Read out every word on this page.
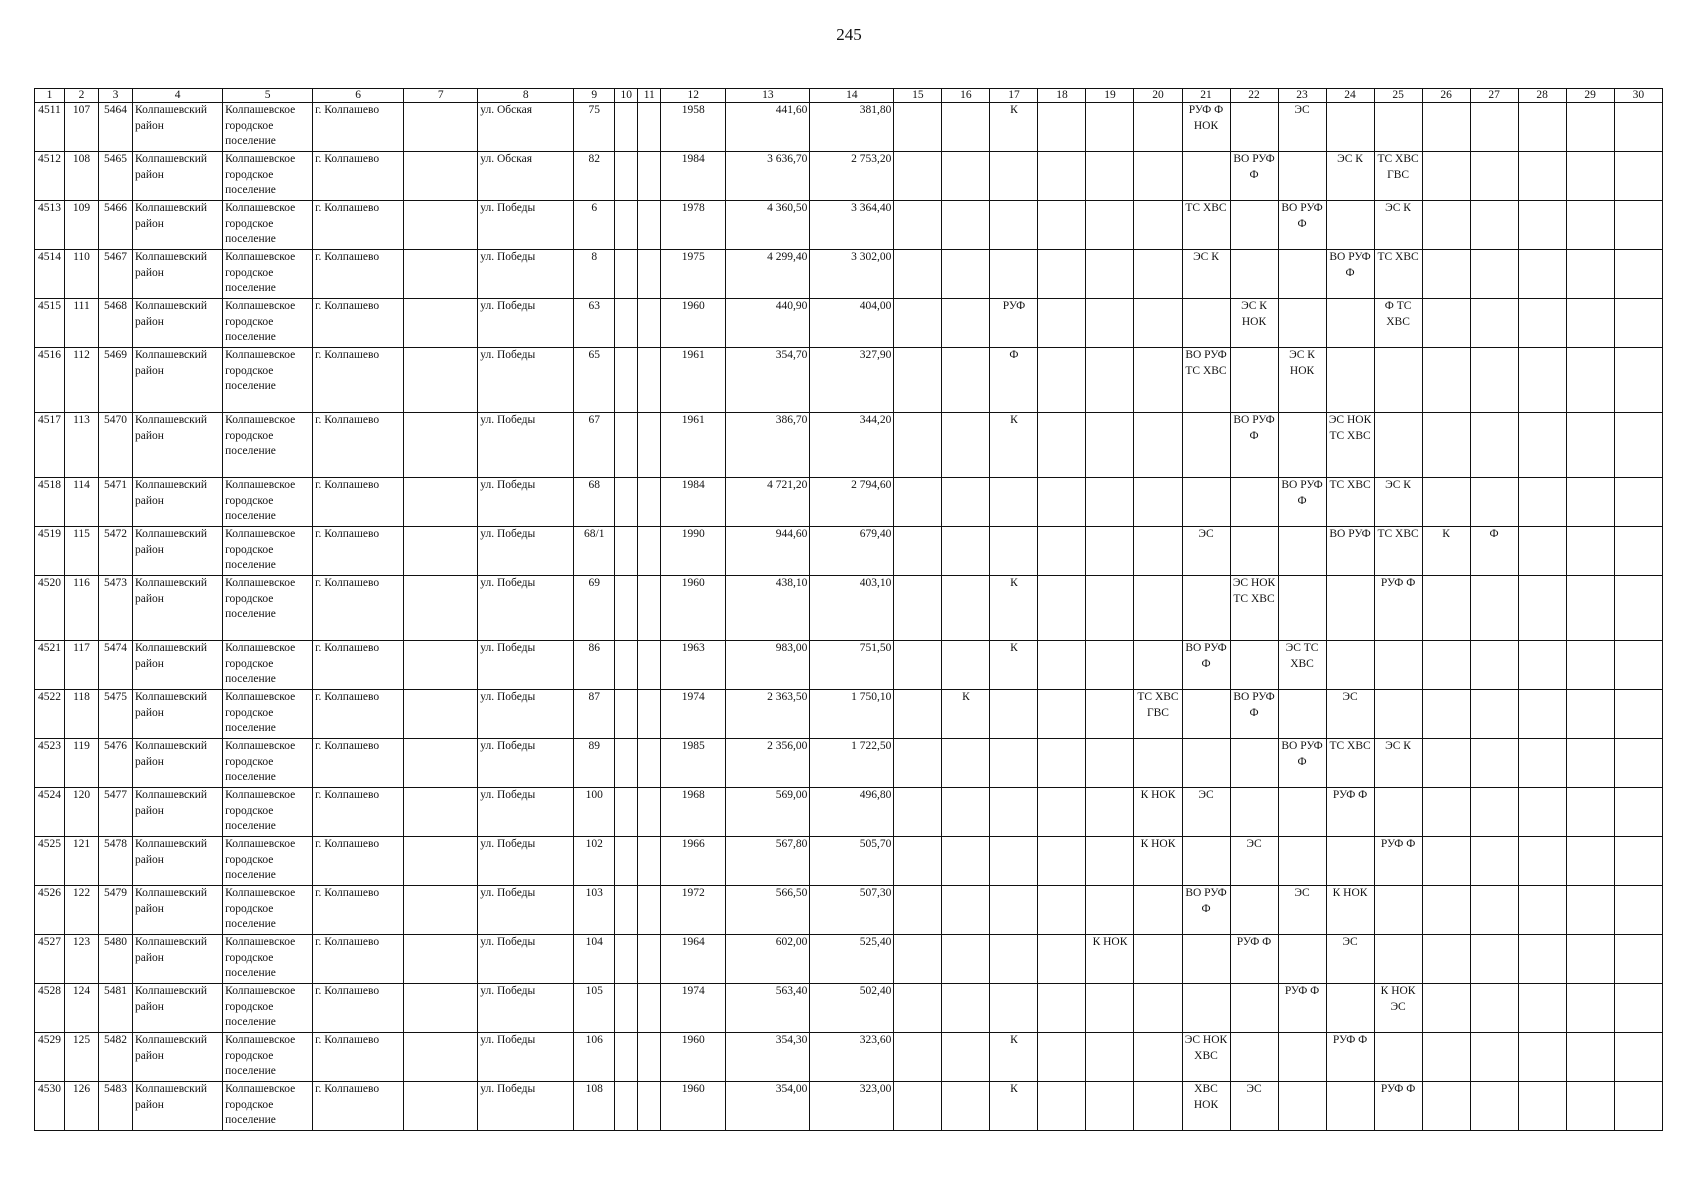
245
1	2	3	4	5	6	7	8	9	10	11	12	13	14	15	16	17	18	19	20	21	22	23	24	25	26	27	28	29	30
4511	107	5464	Колпашевский район	Колпашевское городское поселение	г. Колпашево		ул. Обская	75			1958	441,60	381,80			К				РУФ Ф НОК		ЭС							
4512	108	5465	Колпашевский район	Колпашевское городское поселение	г. Колпашево		ул. Обская	82			1984	3 636,70	2 753,20								ВО РУФ Ф		ЭС К	ТС ХВС ГВС					
4513	109	5466	Колпашевский район	Колпашевское городское поселение	г. Колпашево		ул. Победы	6			1978	4 360,50	3 364,40							ТС ХВС		ВО РУФ Ф		ЭС К					
4514	110	5467	Колпашевский район	Колпашевское городское поселение	г. Колпашево		ул. Победы	8			1975	4 299,40	3 302,00							ЭС К			ВО РУФ Ф	ТС ХВС					
4515	111	5468	Колпашевский район	Колпашевское городское поселение	г. Колпашево		ул. Победы	63			1960	440,90	404,00			РУФ					ЭС К НОК			Ф ТС ХВС					
4516	112	5469	Колпашевский район	Колпашевское городское поселение	г. Колпашево		ул. Победы	65			1961	354,70	327,90			Ф				ВО РУФ ТС ХВС		ЭС К НОК							
4517	113	5470	Колпашевский район	Колпашевское городское поселение	г. Колпашево		ул. Победы	67			1961	386,70	344,20			К					ВО РУФ Ф		ЭС НОК ТС ХВС						
4518	114	5471	Колпашевский район	Колпашевское городское поселение	г. Колпашево		ул. Победы	68			1984	4 721,20	2 794,60									ВО РУФ Ф	ТС ХВС	ЭС К					
4519	115	5472	Колпашевский район	Колпашевское городское поселение	г. Колпашево		ул. Победы	68/1			1990	944,60	679,40							ЭС			ВО РУФ	ТС ХВС	К	Ф			
4520	116	5473	Колпашевский район	Колпашевское городское поселение	г. Колпашево		ул. Победы	69			1960	438,10	403,10			К					ЭС НОК ТС ХВС			РУФ Ф					
4521	117	5474	Колпашевский район	Колпашевское городское поселение	г. Колпашево		ул. Победы	86			1963	983,00	751,50			К				ВО РУФ Ф		ЭС ТС ХВС							
4522	118	5475	Колпашевский район	Колпашевское городское поселение	г. Колпашево		ул. Победы	87			1974	2 363,50	1 750,10		К				ТС ХВС ГВС		ВО РУФ Ф		ЭС						
4523	119	5476	Колпашевский район	Колпашевское городское поселение	г. Колпашево		ул. Победы	89			1985	2 356,00	1 722,50									ВО РУФ Ф	ТС ХВС	ЭС К					
4524	120	5477	Колпашевский район	Колпашевское городское поселение	г. Колпашево		ул. Победы	100			1968	569,00	496,80						К НОК	ЭС			РУФ Ф						
4525	121	5478	Колпашевский район	Колпашевское городское поселение	г. Колпашево		ул. Победы	102			1966	567,80	505,70						К НОК		ЭС			РУФ Ф					
4526	122	5479	Колпашевский район	Колпашевское городское поселение	г. Колпашево		ул. Победы	103			1972	566,50	507,30							ВО РУФ Ф		ЭС	К НОК						
4527	123	5480	Колпашевский район	Колпашевское городское поселение	г. Колпашево		ул. Победы	104			1964	602,00	525,40					К НОК			РУФ Ф		ЭС						
4528	124	5481	Колпашевский район	Колпашевское городское поселение	г. Колпашево		ул. Победы	105			1974	563,40	502,40									РУФ Ф		К НОК ЭС					
4529	125	5482	Колпашевский район	Колпашевское городское поселение	г. Колпашево		ул. Победы	106			1960	354,30	323,60			К				ЭС НОК ХВС			РУФ Ф						
4530	126	5483	Колпашевский район	Колпашевское городское поселение	г. Колпашево		ул. Победы	108			1960	354,00	323,00			К				ХВС НОК	ЭС			РУФ Ф					
